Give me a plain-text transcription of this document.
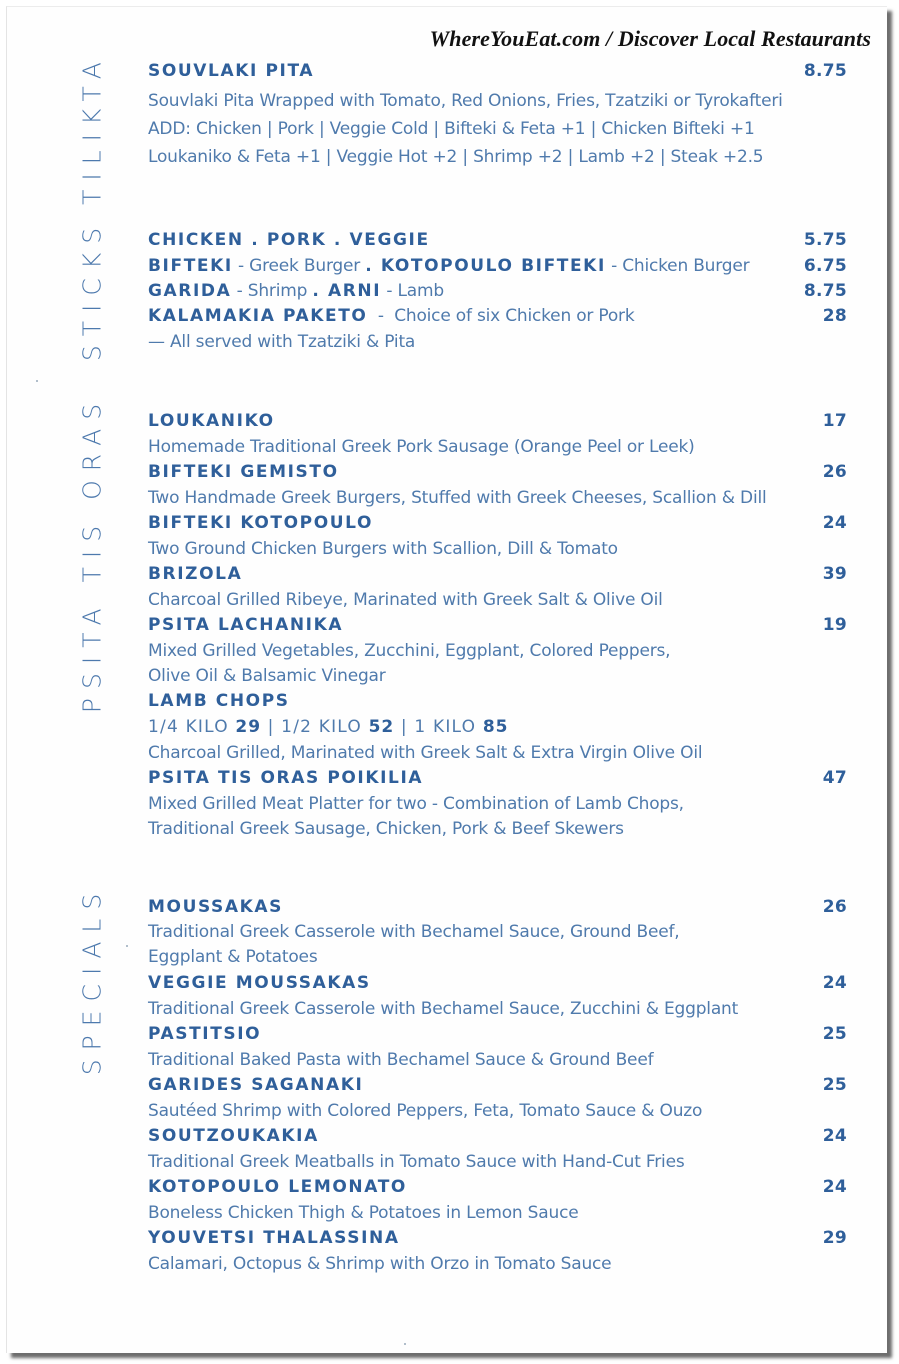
WhereYouEat.com / Discover Local Restaurants
TILIKTA
STICKS
PSITA TIS ORAS
SPECIALS
SOUVLAKI PITA	8.75
Souvlaki Pita Wrapped with Tomato, Red Onions, Fries, Tzatziki or Tyrokafteri
ADD: Chicken | Pork | Veggie Cold | Bifteki & Feta +1 | Chicken Bifteki +1
Loukaniko & Feta +1 | Veggie Hot +2 | Shrimp +2 | Lamb +2 | Steak +2.5
CHICKEN . PORK . VEGGIE	5.75
BIFTEKI - Greek Burger . KOTOPOULO BIFTEKI - Chicken Burger	6.75
GARIDA - Shrimp . ARNI - Lamb	8.75
KALAMAKIA PAKETO  -  Choice of six Chicken or Pork	28
— All served with Tzatziki & Pita
LOUKANIKO	17
Homemade Traditional Greek Pork Sausage (Orange Peel or Leek)
BIFTEKI GEMISTO	26
Two Handmade Greek Burgers, Stuffed with Greek Cheeses, Scallion & Dill
BIFTEKI KOTOPOULO	24
Two Ground Chicken Burgers with Scallion, Dill & Tomato
BRIZOLA	39
Charcoal Grilled Ribeye, Marinated with Greek Salt & Olive Oil
PSITA LACHANIKA	19
Mixed Grilled Vegetables, Zucchini, Eggplant, Colored Peppers,
Olive Oil & Balsamic Vinegar
LAMB CHOPS
1/4 KILO 29 | 1/2 KILO 52 | 1 KILO 85
Charcoal Grilled, Marinated with Greek Salt & Extra Virgin Olive Oil
PSITA TIS ORAS POIKILIA	47
Mixed Grilled Meat Platter for two - Combination of Lamb Chops,
Traditional Greek Sausage, Chicken, Pork & Beef Skewers
MOUSSAKAS	26
Traditional Greek Casserole with Bechamel Sauce, Ground Beef,
Eggplant & Potatoes
VEGGIE MOUSSAKAS	24
Traditional Greek Casserole with Bechamel Sauce, Zucchini & Eggplant
PASTITSIO	25
Traditional Baked Pasta with Bechamel Sauce & Ground Beef
GARIDES SAGANAKI	25
Sautéed Shrimp with Colored Peppers, Feta, Tomato Sauce & Ouzo
SOUTZOUKAKIA	24
Traditional Greek Meatballs in Tomato Sauce with Hand-Cut Fries
KOTOPOULO LEMONATO	24
Boneless Chicken Thigh & Potatoes in Lemon Sauce
YOUVETSI THALASSINA	29
Calamari, Octopus & Shrimp with Orzo in Tomato Sauce
